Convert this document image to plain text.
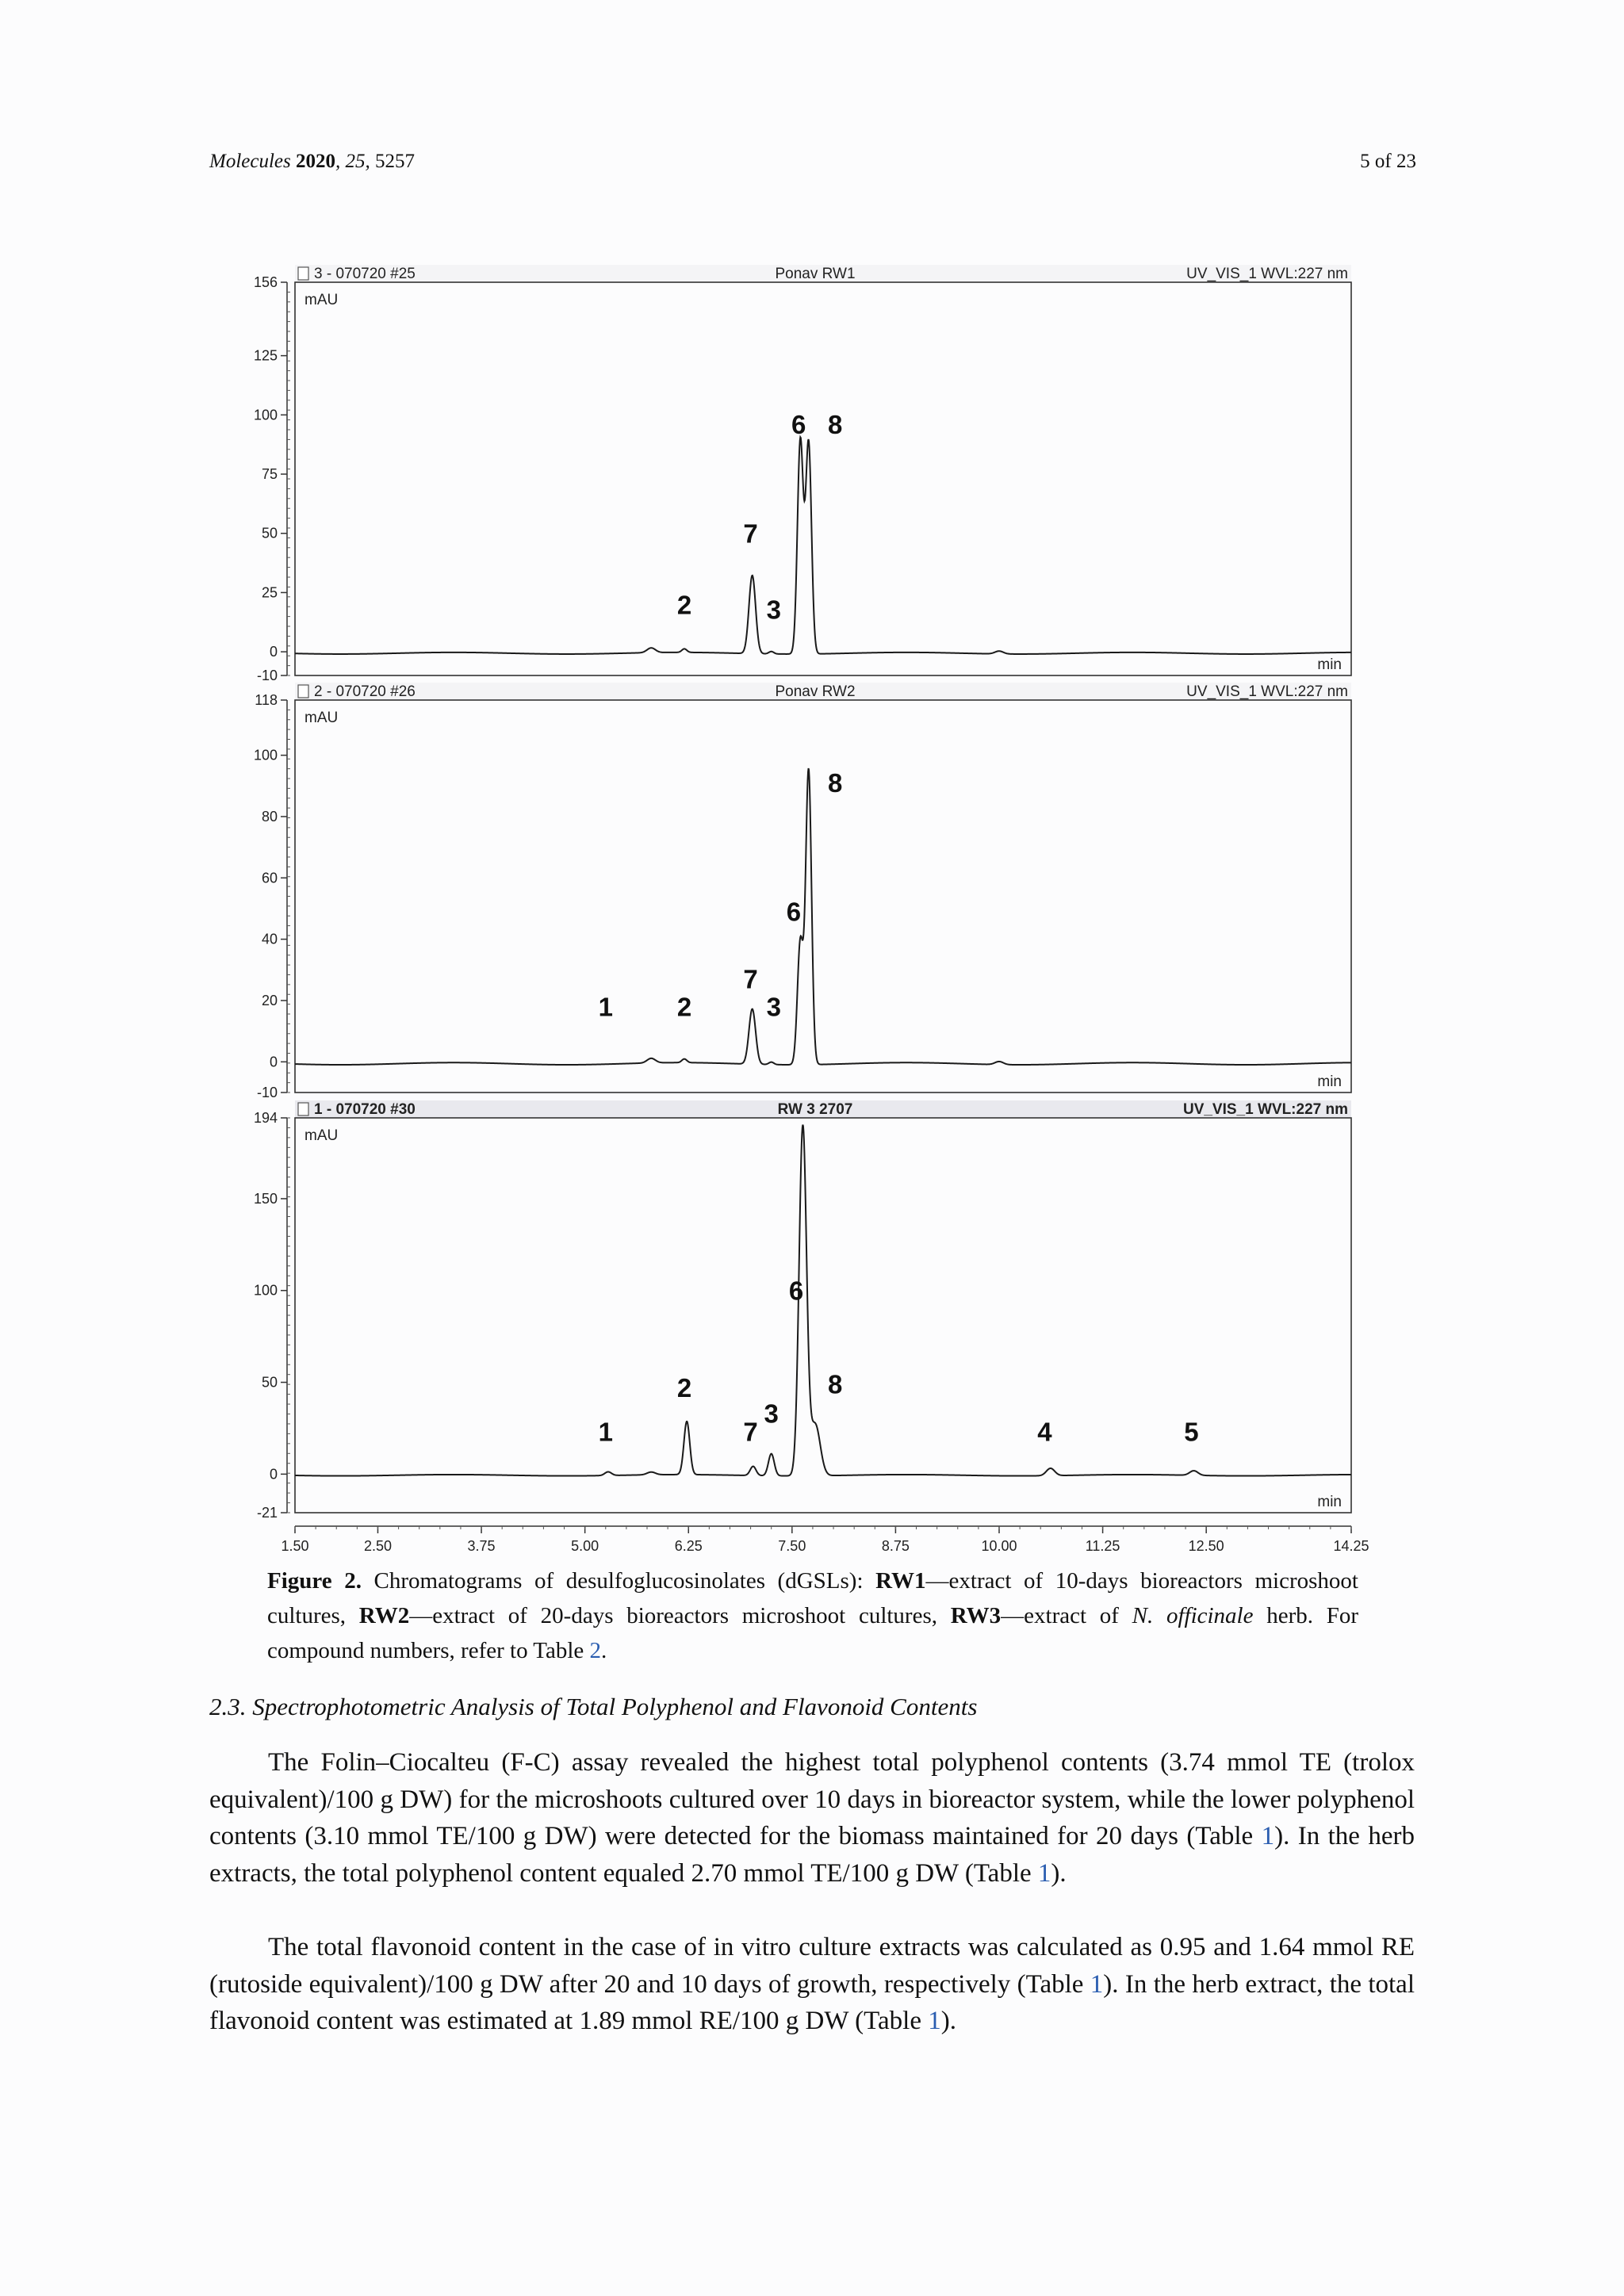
Molecules 2020, 25, 5257	5 of 23
3 - 070720 #25	Ponav RW1	UV_VIS_1 WVL:227 nm
mAU
min
156
125
100
75
50
25
0
-10
2
7
3
6 8
2 - 070720 #26	Ponav RW2	UV_VIS_1 WVL:227 nm
mAU
min
118
100
80
60
40
20
0
-10
1 2
7
3
6
8
1 - 070720 #30	RW 3 2707	UV_VIS_1 WVL:227 nm
mAU
min
194
150
100
50
0
-21
1
2
7
3
6
8
4	5
1.50	2.50	3.75	5.00	6.25	7.50	8.75	10.00	11.25	12.50	14.25
Figure 2. Chromatograms of desulfoglucosinolates (dGSLs): RW1—extract of 10-days bioreactors microshoot cultures, RW2—extract of 20-days bioreactors microshoot cultures, RW3—extract of N. officinale herb. For compound numbers, refer to Table 2.
2.3. Spectrophotometric Analysis of Total Polyphenol and Flavonoid Contents

The Folin–Ciocalteu (F-C) assay revealed the highest total polyphenol contents (3.74 mmol TE (trolox equivalent)/100 g DW) for the microshoots cultured over 10 days in bioreactor system, while the lower polyphenol contents (3.10 mmol TE/100 g DW) were detected for the biomass maintained for 20 days (Table 1). In the herb extracts, the total polyphenol content equaled 2.70 mmol TE/100 g DW (Table 1).

The total flavonoid content in the case of in vitro culture extracts was calculated as 0.95 and 1.64 mmol RE (rutoside equivalent)/100 g DW after 20 and 10 days of growth, respectively (Table 1). In the herb extract, the total flavonoid content was estimated at 1.89 mmol RE/100 g DW (Table 1).
